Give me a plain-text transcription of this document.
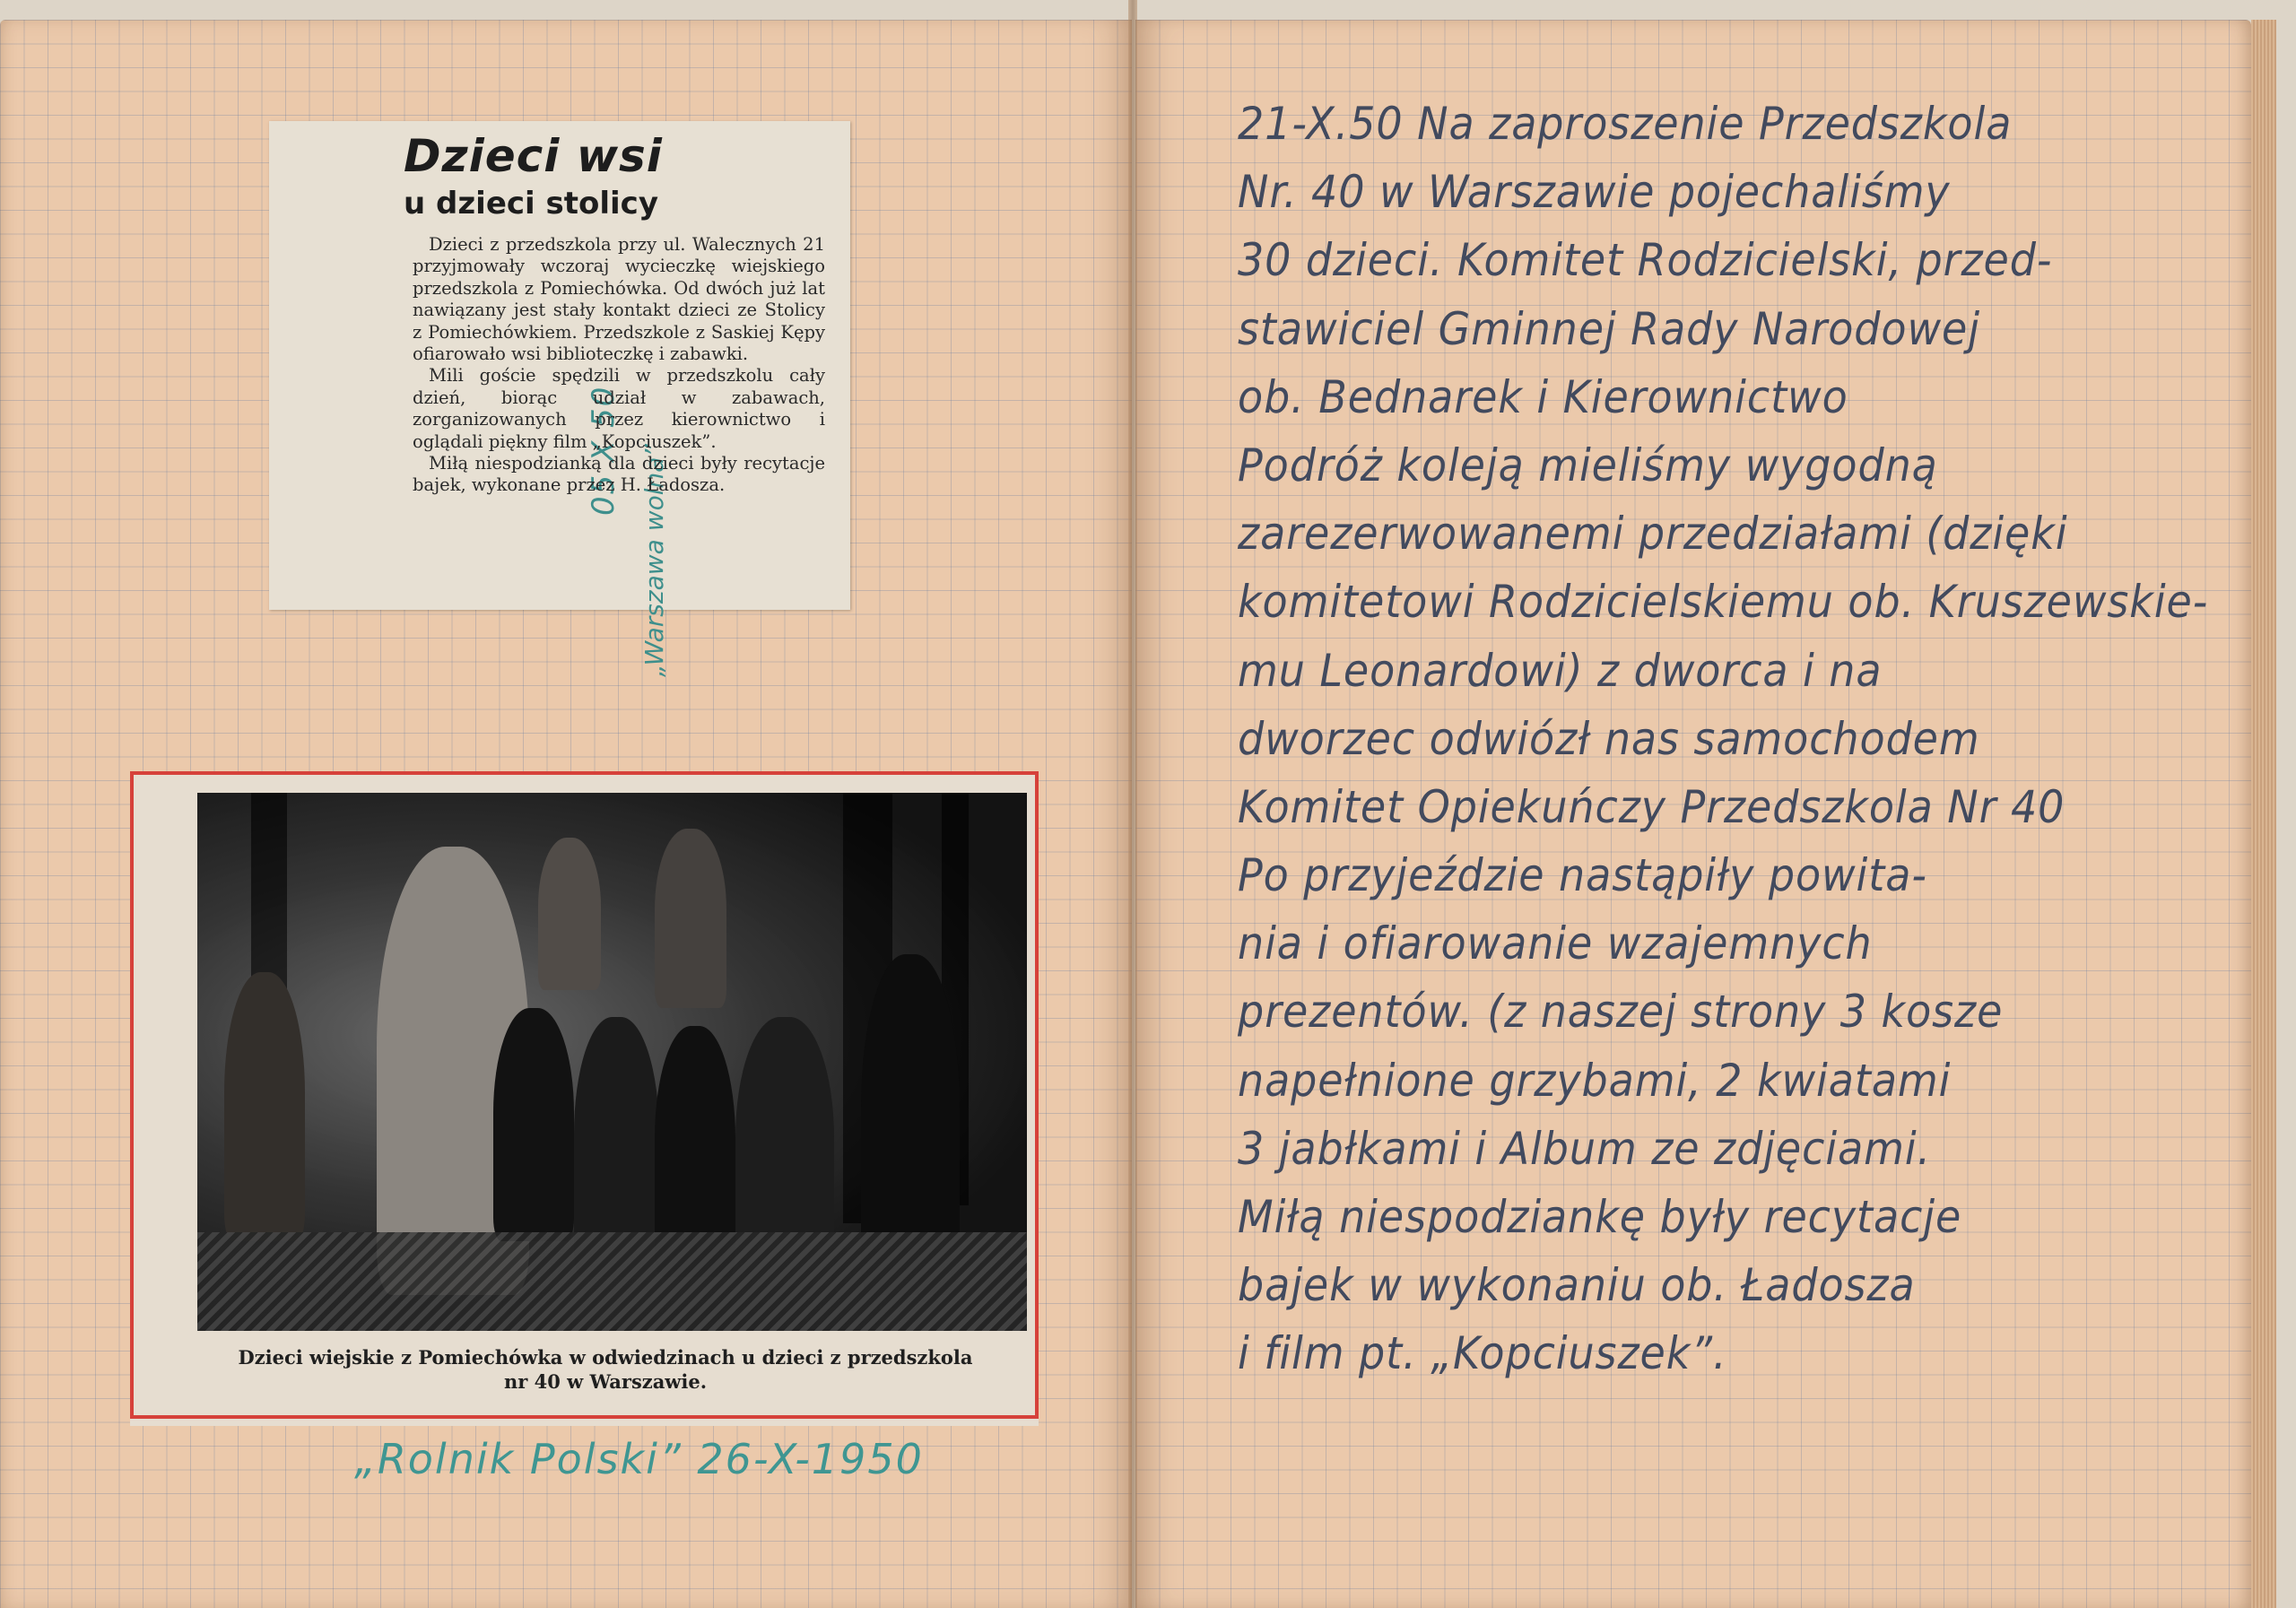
05 X 50 „Warszawa wolna”
Dzieci wsi
u dzieci stolicy

Dzieci z przedszkola przy ul. Walecznych 21 przyjmowały wczoraj wycieczkę wiejskiego przedszkola z Pomiechówka. Od dwóch już lat nawiązany jest stały kontakt dzieci ze Stolicy z Pomiechówkiem. Przedszkole z Saskiej Kępy ofiarowało wsi biblioteczkę i zabawki.

Mili goście spędzili w przedszkolu cały dzień, biorąc udział w zabawach, zorganizowanych przez kierownictwo i oglądali piękny film „Kopciuszek”.

Miłą niespodzianką dla dzieci były recytacje bajek, wykonane przez H. Ładosza.

Dzieci wiejskie z Pomiechówka w odwiedzinach u dzieci z przedszkola
nr 40 w Warszawie.
„Rolnik Polski” 26-X-1950
21-X.50 Na zaproszenie Przedszkola
Nr. 40 w Warszawie pojechaliśmy
30 dzieci. Komitet Rodzicielski, przed-
stawiciel Gminnej Rady Narodowej
ob. Bednarek i Kierownictwo
Podróż koleją mieliśmy wygodną
zarezerwowanemi przedziałami (dzięki
komitetowi Rodzicielskiemu ob. Kruszewskie-
mu Leonardowi) z dworca i na
dworzec odwiózł nas samochodem
Komitet Opiekuńczy Przedszkola Nr 40
Po przyjeździe nastąpiły powita-
nia i ofiarowanie wzajemnych
prezentów. (z naszej strony 3 kosze
napełnione grzybami, 2 kwiatami
3 jabłkami i Album ze zdjęciami.
Miłą niespodziankę były recytacje
bajek w wykonaniu ob. Ładosza
i film pt. „Kopciuszek”.
